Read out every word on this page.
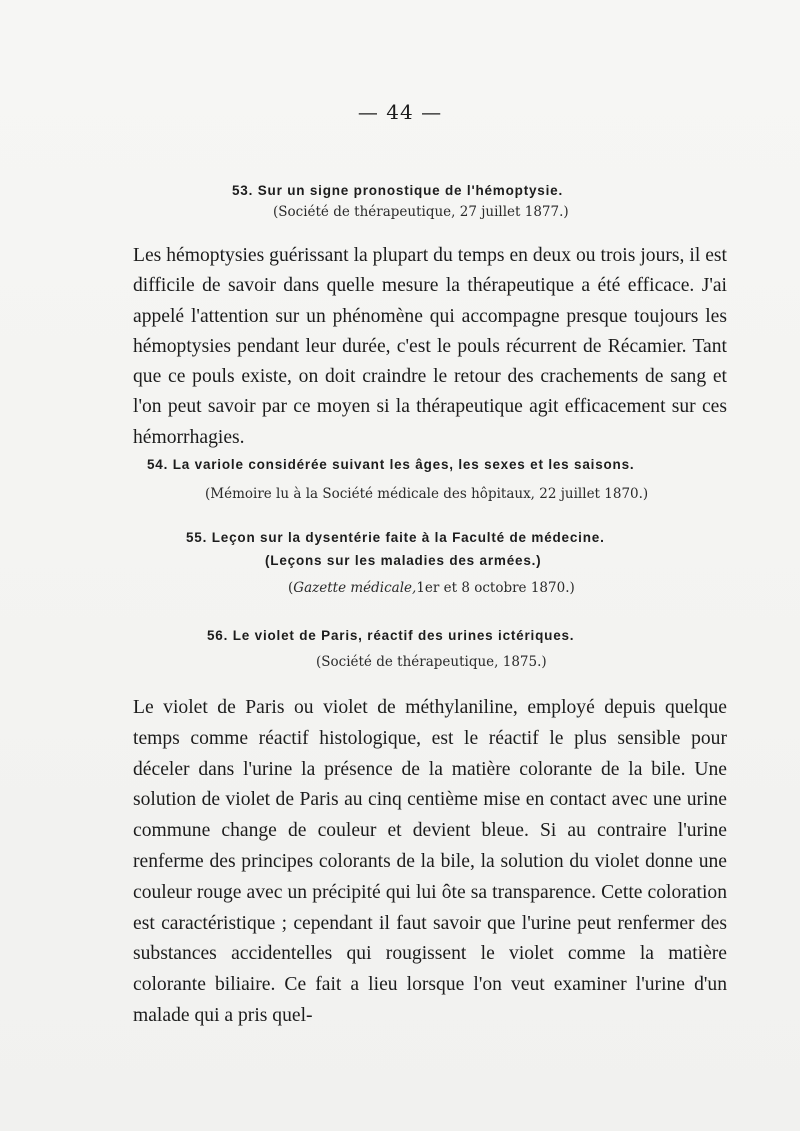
— 44 —
53. Sur un signe pronostique de l'hémoptysie.
(Société de thérapeutique, 27 juillet 1877.)
Les hémoptysies guérissant la plupart du temps en deux ou trois jours, il est difficile de savoir dans quelle mesure la thérapeutique a été efficace. J'ai appelé l'attention sur un phénomène qui accompagne presque toujours les hémoptysies pendant leur durée, c'est le pouls récurrent de Récamier. Tant que ce pouls existe, on doit craindre le retour des crachements de sang et l'on peut savoir par ce moyen si la thérapeutique agit efficacement sur ces hémorrhagies.
54. La variole considérée suivant les âges, les sexes et les saisons.
(Mémoire lu à la Société médicale des hôpitaux, 22 juillet 1870.)
55. Leçon sur la dysentérie faite à la Faculté de médecine.
(Leçons sur les maladies des armées.)
(Gazette médicale,1er et 8 octobre 1870.)
56. Le violet de Paris, réactif des urines ictériques.
(Société de thérapeutique, 1875.)
Le violet de Paris ou violet de méthylaniline, employé depuis quelque temps comme réactif histologique, est le réactif le plus sensible pour déceler dans l'urine la présence de la matière colorante de la bile. Une solution de violet de Paris au cinq centième mise en contact avec une urine commune change de couleur et devient bleue. Si au contraire l'urine renferme des principes colorants de la bile, la solution du violet donne une couleur rouge avec un précipité qui lui ôte sa transparence. Cette coloration est caractéristique ; cependant il faut savoir que l'urine peut renfermer des substances accidentelles qui rougissent le violet comme la matière colorante biliaire. Ce fait a lieu lorsque l'on veut examiner l'urine d'un malade qui a pris quel-
